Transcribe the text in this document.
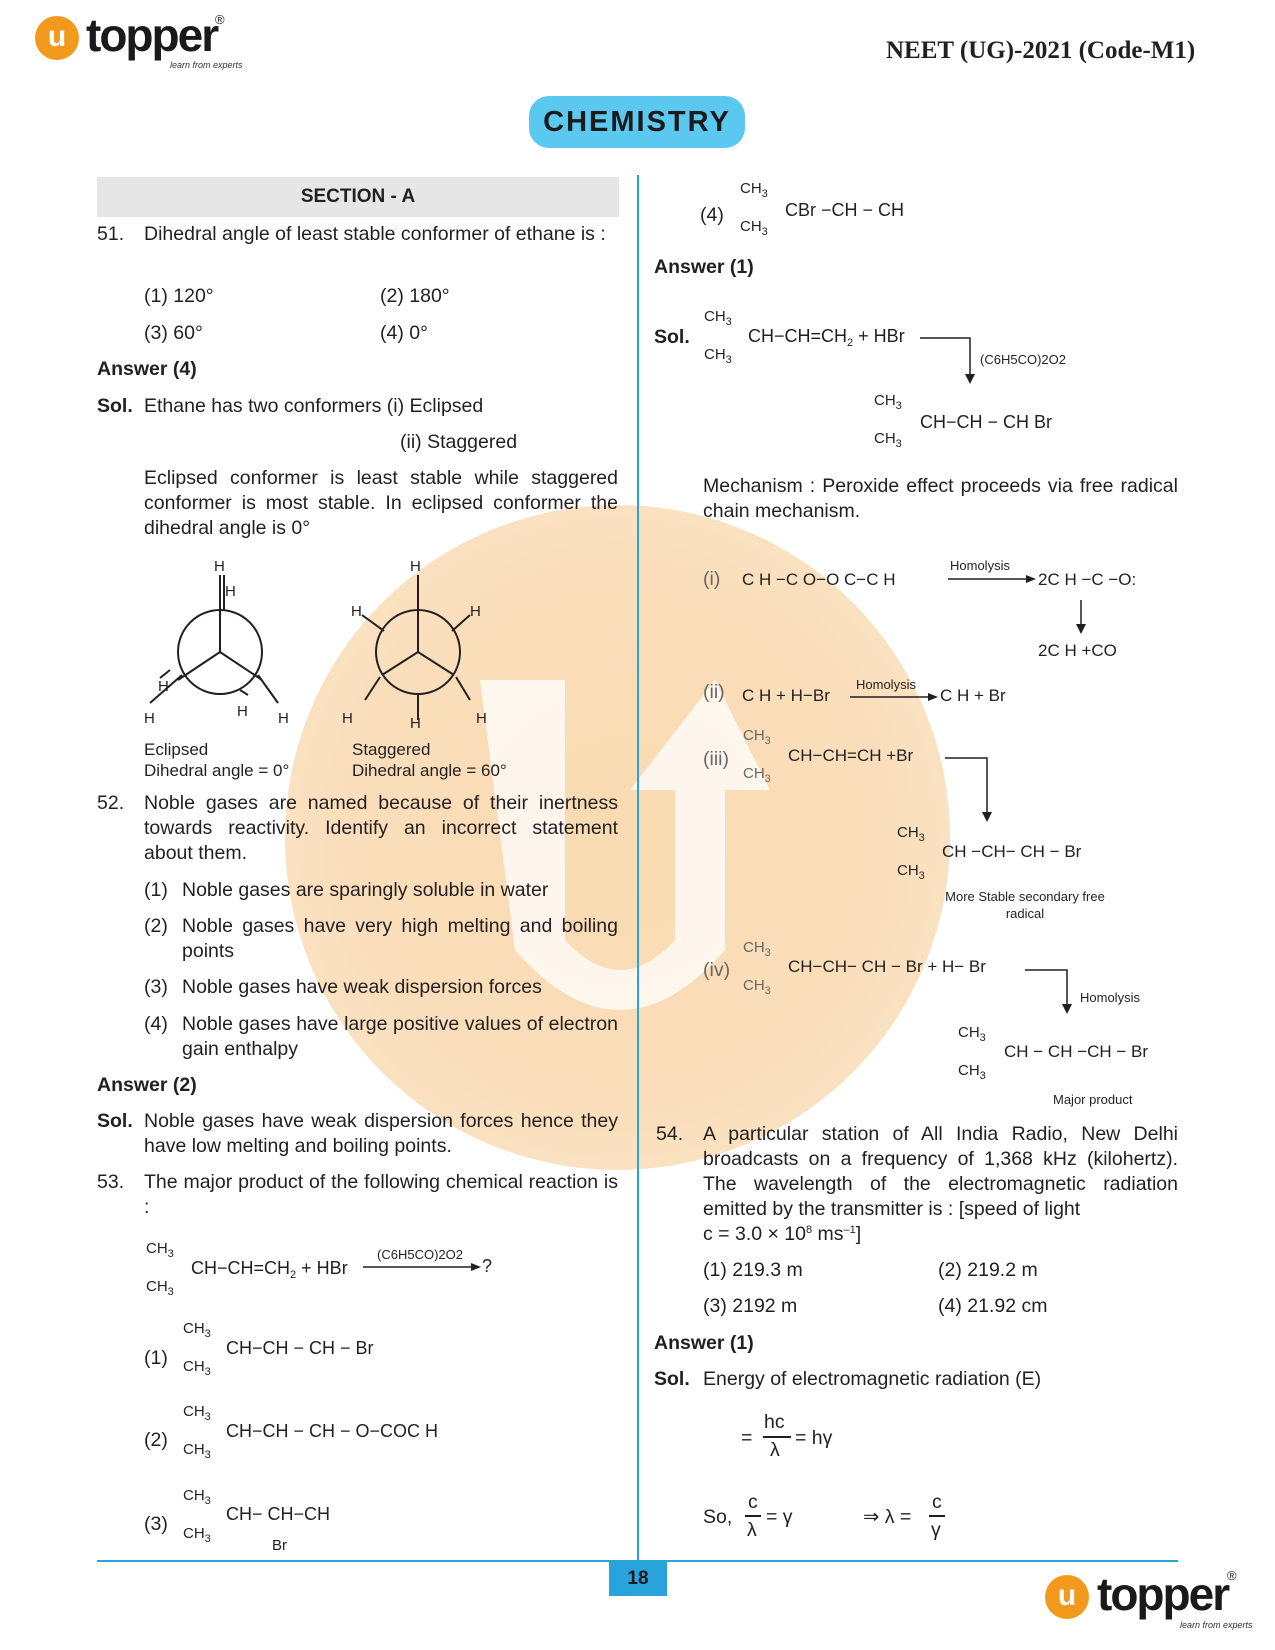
u topper
®
learn from experts
NEET (UG)-2021 (Code-M1)
CHEMISTRY
SECTION - A
51. Dihedral angle of least stable conformer of ethane is :
(1) 120°	(2) 180°
(3) 60°	(4) 0°
Answer (4)
Sol. Ethane has two conformers (i) Eclipsed
(ii) Staggered
Eclipsed conformer is least stable while staggered conformer is most stable. In eclipsed conformer the dihedral angle is 0°
H
H
H
H	H H
H
H	H
H	H	H
Eclipsed
Dihedral angle = 0°
Staggered
Dihedral angle = 60°
52. Noble gases are named because of their inertness towards reactivity. Identify an incorrect statement about them.
(1) Noble gases are sparingly soluble in water
(2) Noble gases have very high melting and boiling points
(3) Noble gases have weak dispersion forces
(4) Noble gases have large positive values of electron gain enthalpy
Answer (2)
Sol. Noble gases have weak dispersion forces hence they have low melting and boiling points.
53. The major product of the following chemical reaction is :
$CH_3$
$CH_3$
$CH-CH=CH_2$ + HBr
(C6H5CO)2O2
?
(1)
$CH_3$
$CH_3$
CH−CH − CH − Br
(2)
$CH_3$
$CH_3$
CH−CH − CH − O−COC H
(3)
$CH_3$
$CH_3$
CH− CH−CH
Br
(4)
$CH_3$
$CH_3$
CBr −CH − CH
Answer (1)
Sol.
$CH_3$
$CH_3$
$CH-CH=CH_2$ + HBr
(C6H5CO)2O2
$CH_3$
$CH_3$
CH−CH − CH Br
Mechanism : Peroxide effect proceeds via free radical chain mechanism.
(i) C H −C O−O C−C H
Homolysis
2C H −C −O:
2C H +CO
(ii) C H + H−Br
Homolysis
C H + Br
(iii)
$CH_3$
$CH_3$
CH−CH=CH +Br
$CH_3$
$CH_3$
CH −CH− CH − Br
More Stable secondary free radical
(iv)
$CH_3$
$CH_3$
CH−CH− CH − Br + H− Br
Homolysis
$CH_3$
$CH_3$
CH − CH −CH − Br
Major product
54. A particular station of All India Radio, New Delhi broadcasts on a frequency of 1,368 kHz (kilohertz). The wavelength of the electromagnetic radiation emitted by the transmitter is : [speed of light
$c = 3.0 \times 10^8$ $ms^{-1}$]
(1) 219.3 m	(2) 219.2 m
(3) 2192 m	(4) 21.92 cm
Answer (1)
Sol. Energy of electromagnetic radiation (E)
=
hc
λ
= hγ
So,
c
λ
= γ	⇒ λ =
c
γ
18
u topper
®
learn from experts
